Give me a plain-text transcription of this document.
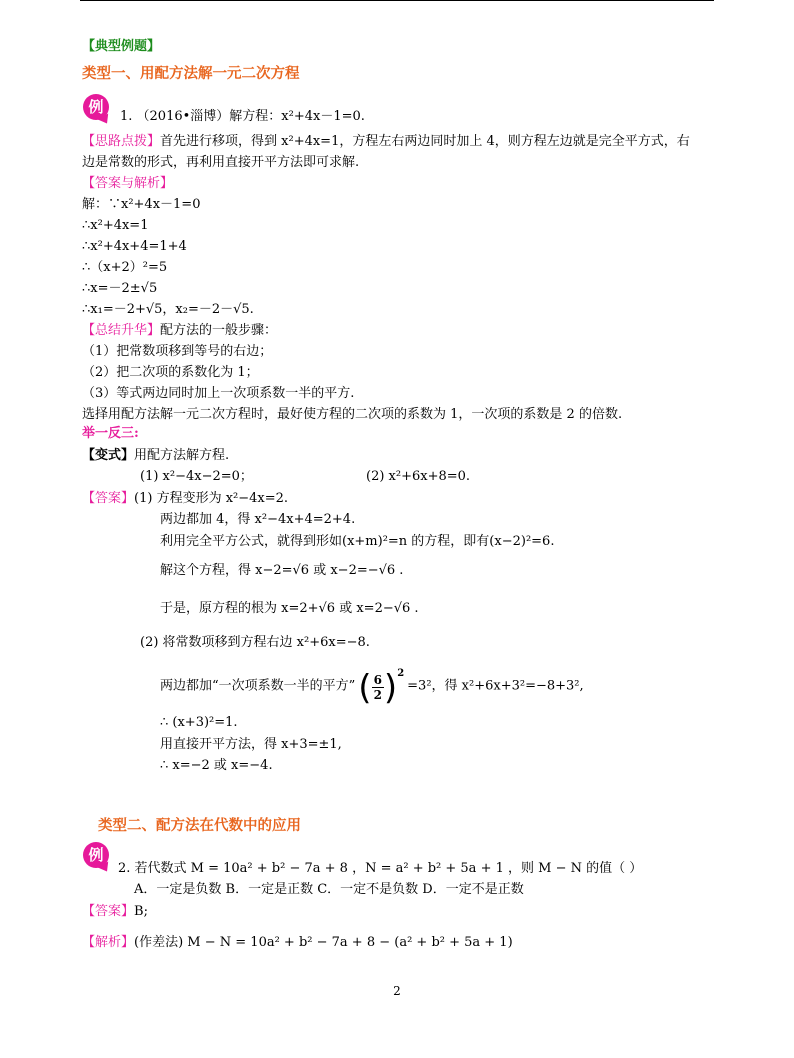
【典型例题】
类型一、用配方法解一元二次方程
例
1. （2016•淄博）解方程：x²+4x－1=0.
【思路点拨】首先进行移项，得到 x²+4x=1，方程左右两边同时加上 4，则方程左边就是完全平方式，右
边是常数的形式，再利用直接开平方法即可求解.
【答案与解析】
解：∵x²+4x－1=0
∴x²+4x=1
∴x²+4x+4=1+4
∴（x+2）²=5
∴x=－2±√5
∴x₁=－2+√5，x₂=－2－√5.
【总结升华】配方法的一般步骤：
（1）把常数项移到等号的右边；
（2）把二次项的系数化为 1；
（3）等式两边同时加上一次项系数一半的平方.
选择用配方法解一元二次方程时，最好使方程的二次项的系数为 1，一次项的系数是 2 的倍数.
举一反三:
【变式】用配方法解方程.
(1) x²−4x−2=0；	(2) x²+6x+8=0.
【答案】(1) 方程变形为 x²−4x=2.
两边都加 4，得 x²−4x+4=2+4.
利用完全平方公式，就得到形如(x+m)²=n 的方程，即有(x−2)²=6.
解这个方程，得 x−2=√6 或 x−2=−√6 .
于是，原方程的根为 x=2+√6 或 x=2−√6 .
(2) 将常数项移到方程右边 x²+6x=−8.
两边都加“一次项系数一半的平方”( $\frac{6}{2} )^2=3^2$，得 x²+6x+3²=−8+3²,
∴ (x+3)²=1.
用直接开平方法，得 x+3=±1,
∴ x=−2 或 x=−4.
类型二、配方法在代数中的应用
例
2. 若代数式 M = 10a² + b² − 7a + 8 ，N = a² + b² + 5a + 1 ，则 M − N 的值（ ）
A．一定是负数 B．一定是正数 C．一定不是负数 D．一定不是正数
【答案】B;
【解析】(作差法) M − N = 10a² + b² − 7a + 8 − (a² + b² + 5a + 1)
2
